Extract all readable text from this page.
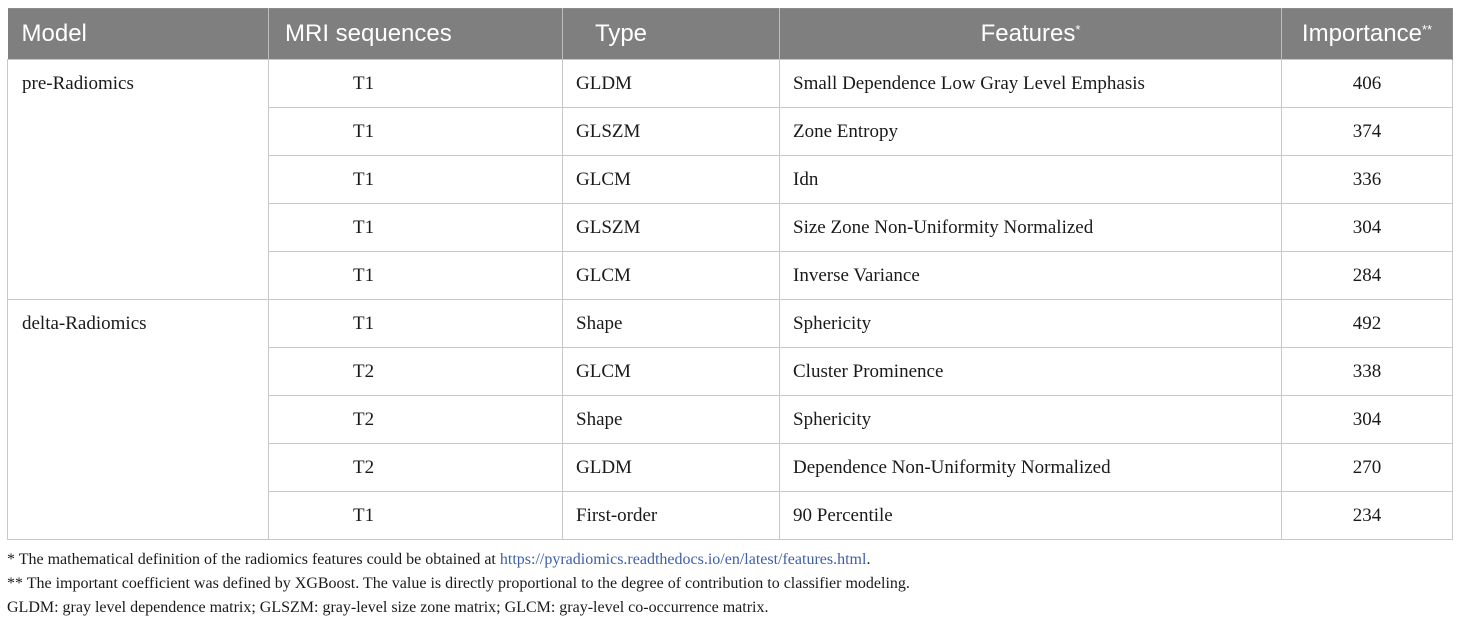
Model	MRI sequences	Type	Features*	Importance**
pre-Radiomics	T1	GLDM	Small Dependence Low Gray Level Emphasis	406
	T1	GLSZM	Zone Entropy	374
	T1	GLCM	Idn	336
	T1	GLSZM	Size Zone Non-Uniformity Normalized	304
	T1	GLCM	Inverse Variance	284
delta-Radiomics	T1	Shape	Sphericity	492
	T2	GLCM	Cluster Prominence	338
	T2	Shape	Sphericity	304
	T2	GLDM	Dependence Non-Uniformity Normalized	270
	T1	First-order	90 Percentile	234

* The mathematical definition of the radiomics features could be obtained at https://pyradiomics.readthedocs.io/en/latest/features.html.

** The important coefficient was defined by XGBoost. The value is directly proportional to the degree of contribution to classifier modeling.

GLDM: gray level dependence matrix; GLSZM: gray-level size zone matrix; GLCM: gray-level co-occurrence matrix.
